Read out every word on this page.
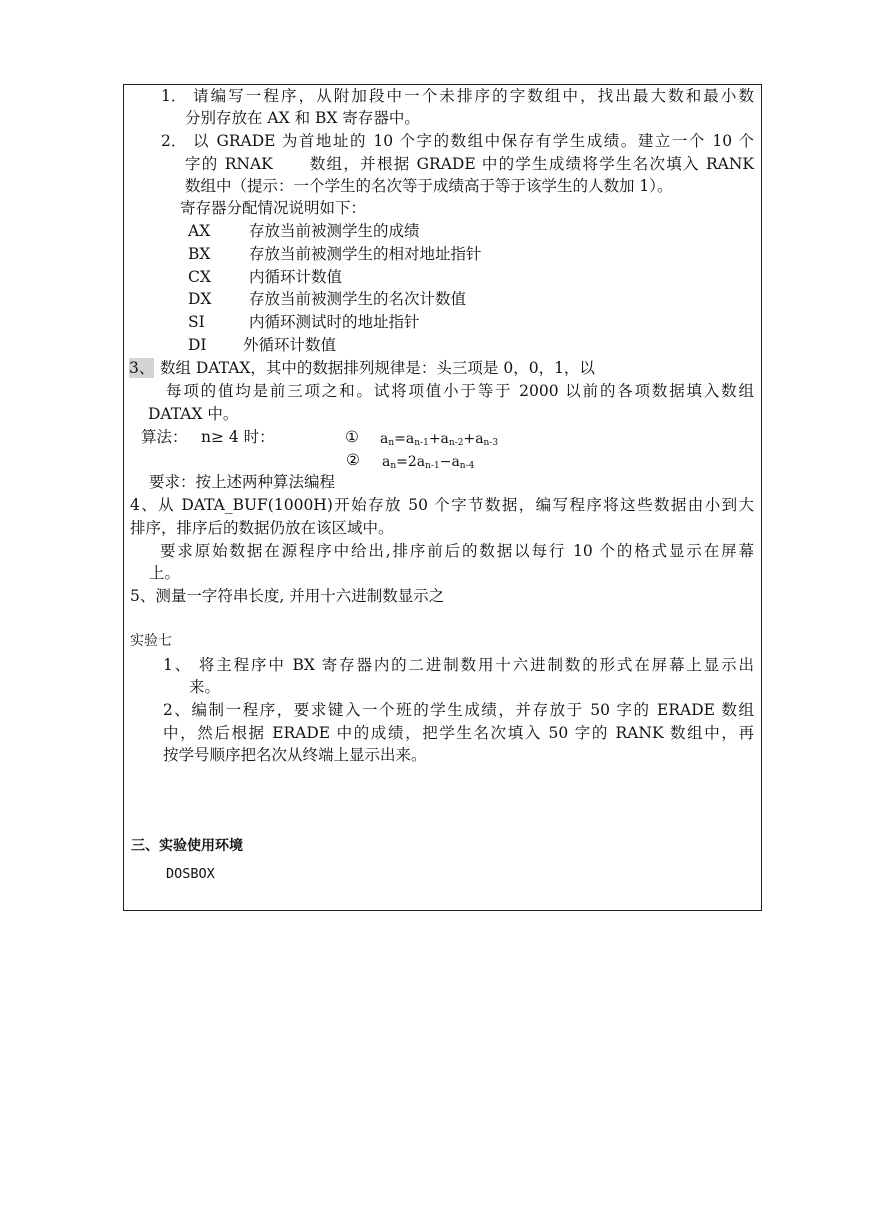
1． 请编写一程序，从附加段中一个未排序的字数组中，找出最大数和最小数
分别存放在 AX 和 BX 寄存器中。
2． 以 GRADE 为首地址的 10 个字的数组中保存有学生成绩。建立一个 10 个
字的 RNAK      数组，并根据 GRADE 中的学生成绩将学生名次填入 RANK
数组中（提示：一个学生的名次等于成绩高于等于该学生的人数加 1）。
寄存器分配情况说明如下：
AX	存放当前被测学生的成绩
BX 存放当前被测学生的相对地址指针
CX 内循环计数值
DX 存放当前被测学生的名次计数值
SI	内循环测试时的地址指针
DI 外循环计数值
3、 数组 DATAX，其中的数据排列规律是：头三项是 0，0，1，以
每项的值均是前三项之和。试将项值小于等于 2000 以前的各项数据填入数组
DATAX 中。
算法： n≥ 4 时：	① $a_n=a_{n-1}+a_{n-2}+a_{n-3}$
② $a_n=2a_{n-1}-a_{n-4}$
要求：按上述两种算法编程
4、从 DATA_BUF(1000H)开始存放 50 个字节数据，编写程序将这些数据由小到大
排序，排序后的数据仍放在该区域中。
要求原始数据在源程序中给出,排序前后的数据以每行 10 个的格式显示在屏幕
上。
5、测量一字符串长度, 并用十六进制数显示之
实验七
1、 将主程序中 BX 寄存器内的二进制数用十六进制数的形式在屏幕上显示出
来。
2、编制一程序，要求键入一个班的学生成绩，并存放于 50 字的 ERADE 数组
中，然后根据 ERADE 中的成绩，把学生名次填入 50 字的 RANK 数组中，再
按学号顺序把名次从终端上显示出来。
三、实验使用环境
DOSBOX
